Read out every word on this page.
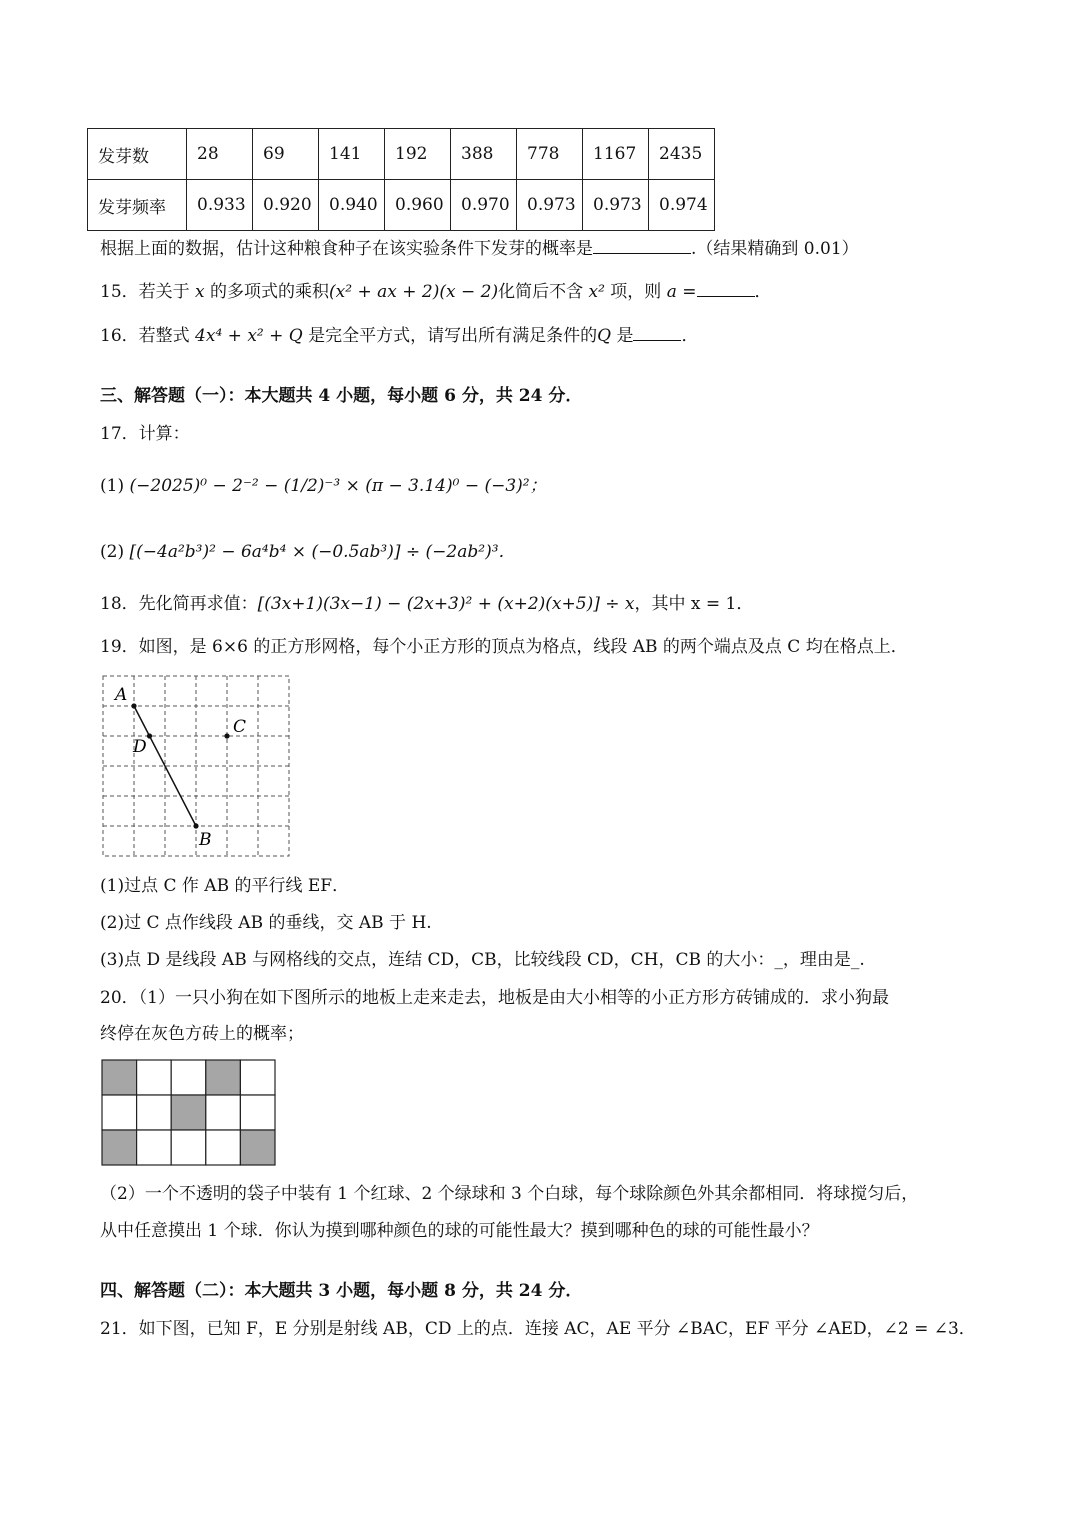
发芽数	28	69	141	192	388	778	1167	2435
发芽频率	0.933	0.920	0.940	0.960	0.970	0.973	0.973	0.974
根据上面的数据，估计这种粮食种子在该实验条件下发芽的概率是	.（结果精确到 0.01）
15．若关于 x 的多项式的乘积(x² + ax + 2)(x − 2)化简后不含 x² 项，则 a =	．
16．若整式 4x⁴ + x² + Q 是完全平方式，请写出所有满足条件的Q 是	．
三、解答题（一）：本大题共 4 小题，每小题 6 分，共 24 分．
17．计算：
(1) (−2025)⁰ − 2⁻² − (1/2)⁻³ × (π − 3.14)⁰ − (−3)²；
(2) [(−4a²b³)² − 6a⁴b⁴ × (−0.5ab³)] ÷ (−2ab²)³．
18．先化简再求值：[(3x+1)(3x−1) − (2x+3)² + (x+2)(x+5)] ÷ x，其中 x = 1．
19．如图，是 6×6 的正方形网格，每个小正方形的顶点为格点，线段 AB 的两个端点及点 C 均在格点上．
A
B
C
D
(1)过点 C 作 AB 的平行线 EF．
(2)过 C 点作线段 AB 的垂线，交 AB 于 H.
(3)点 D 是线段 AB 与网格线的交点，连结 CD，CB，比较线段 CD，CH，CB 的大小：_，理由是_.
20．（1）一只小狗在如下图所示的地板上走来走去，地板是由大小相等的小正方形方砖铺成的．求小狗最
终停在灰色方砖上的概率；
（2）一个不透明的袋子中装有 1 个红球、2 个绿球和 3 个白球，每个球除颜色外其余都相同．将球搅匀后，
从中任意摸出 1 个球．你认为摸到哪种颜色的球的可能性最大？摸到哪种色的球的可能性最小？
四、解答题（二）：本大题共 3 小题，每小题 8 分，共 24 分．
21．如下图，已知 F，E 分别是射线 AB，CD 上的点．连接 AC，AE 平分 ∠BAC，EF 平分 ∠AED，∠2 = ∠3．
